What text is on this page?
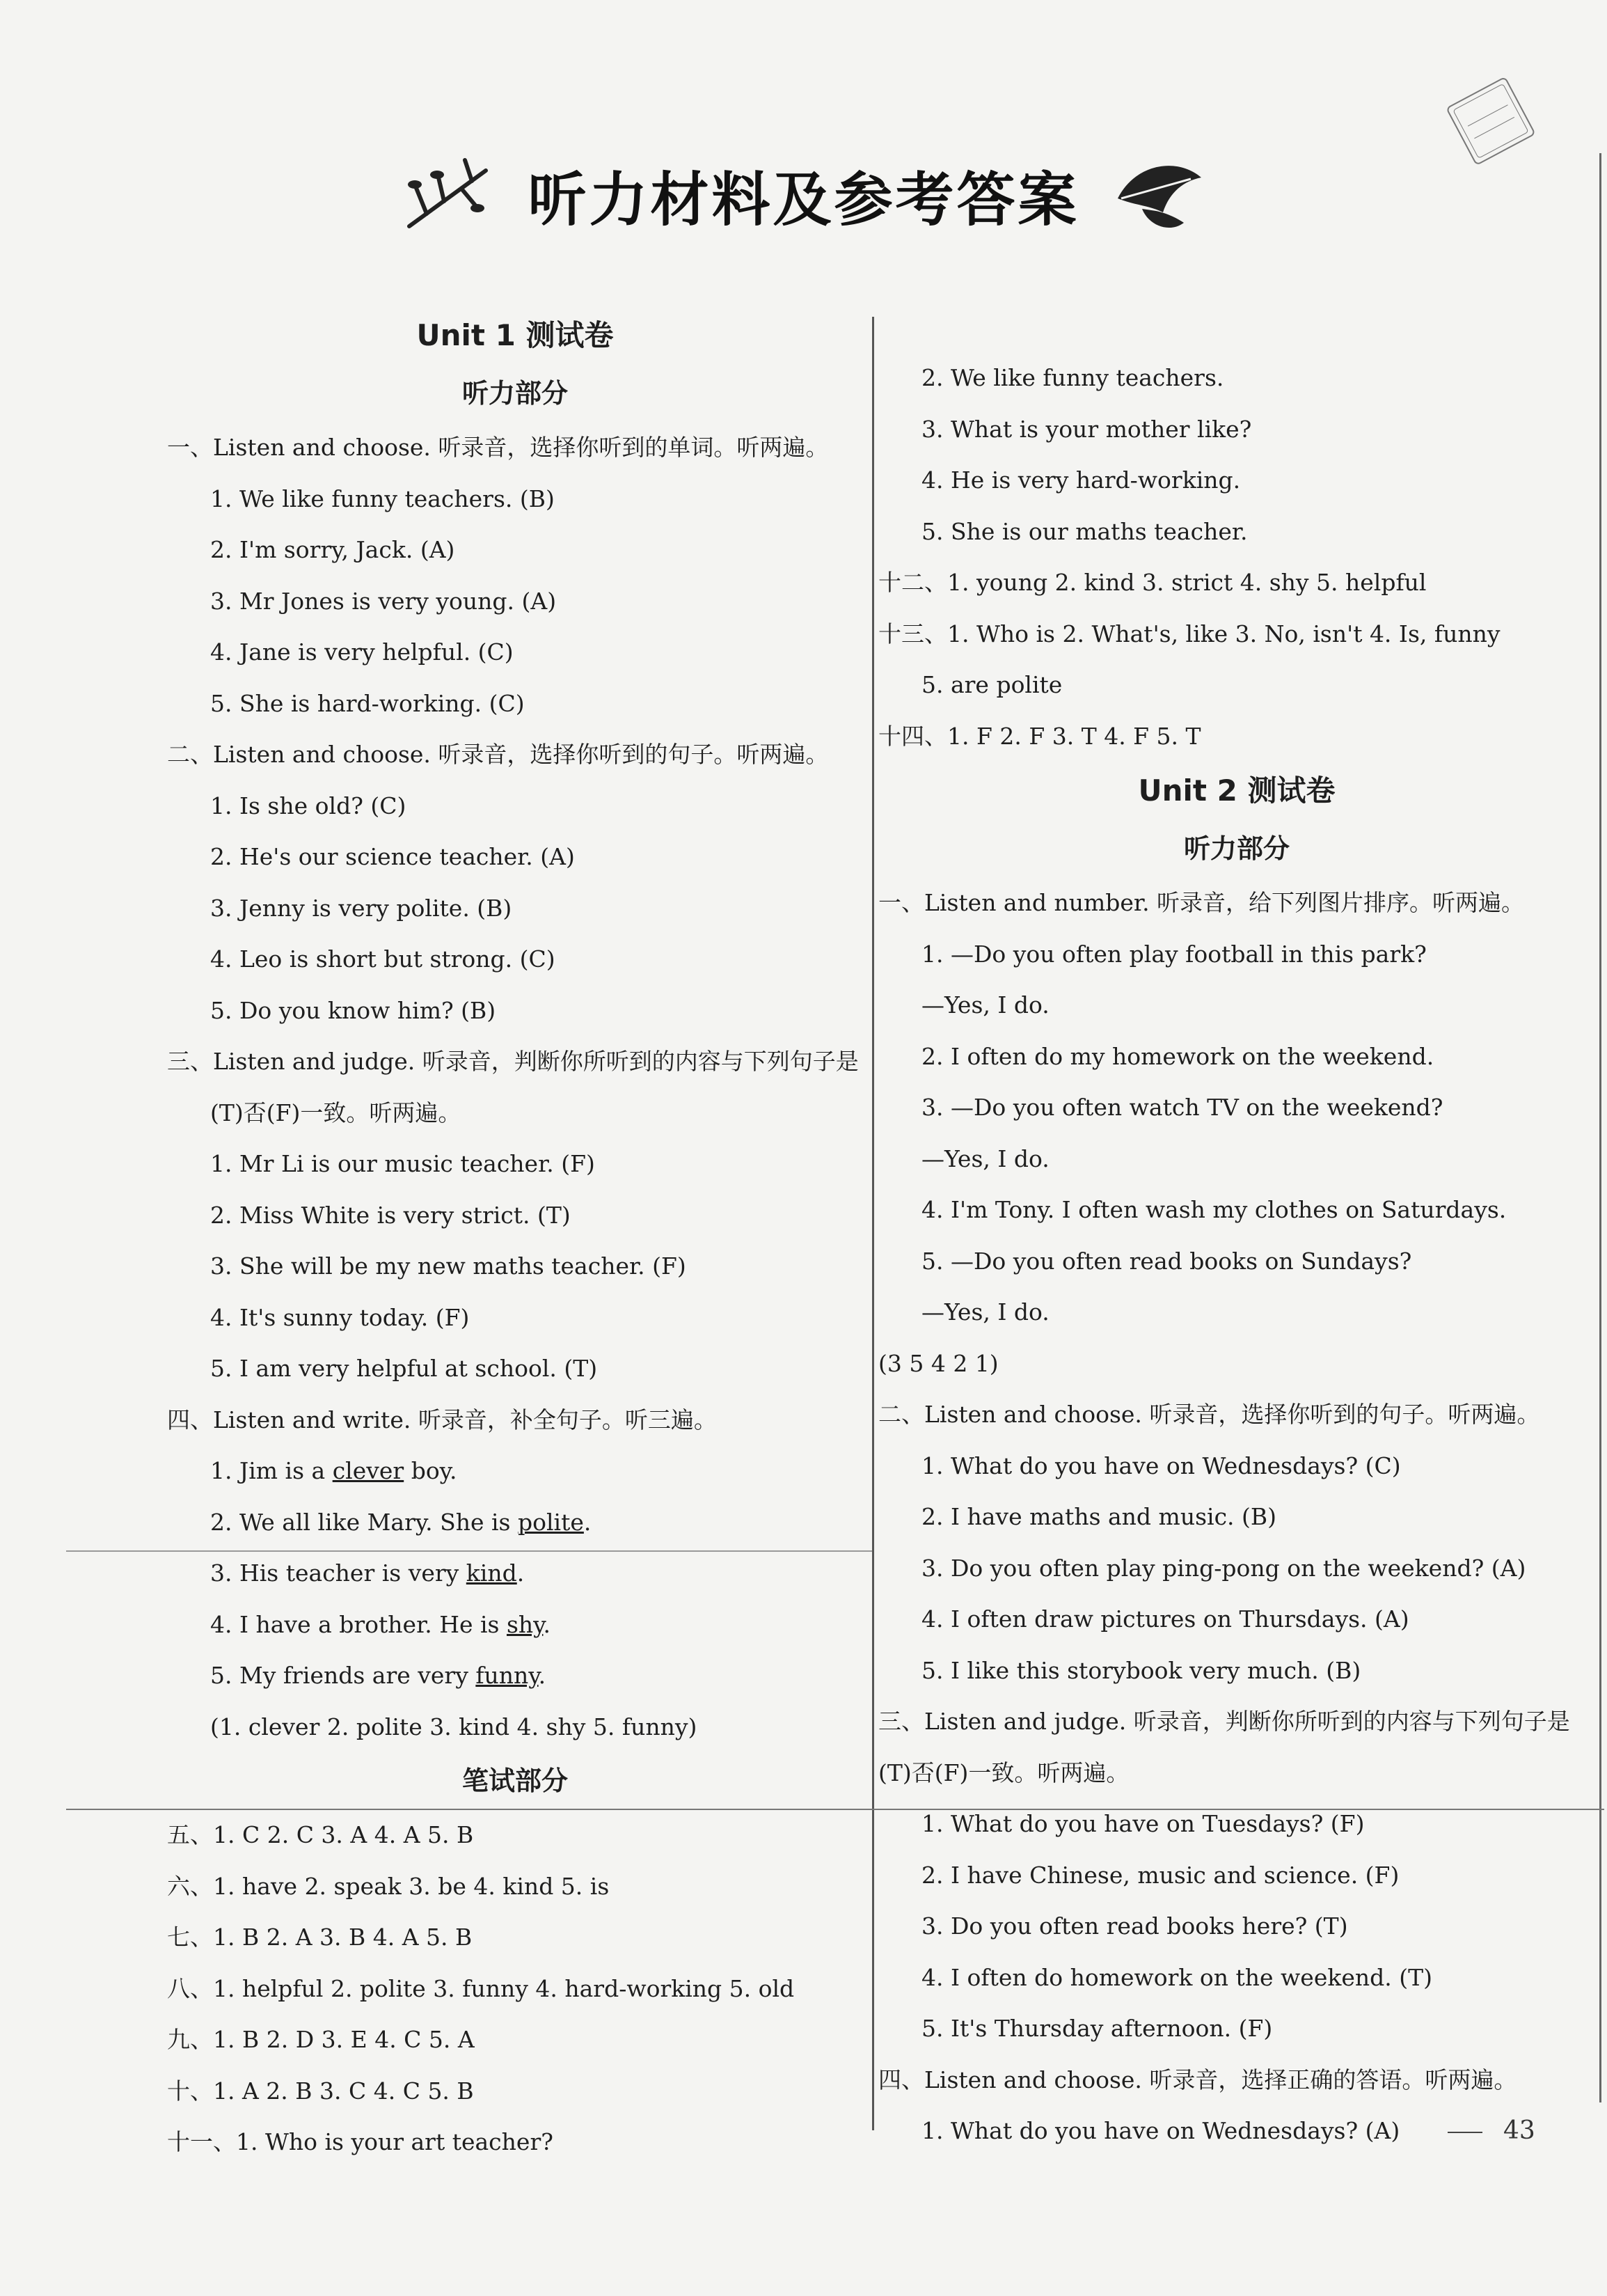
听力材料及参考答案
Unit 1 测试卷
听力部分
一、Listen and choose. 听录音，选择你听到的单词。听两遍。
1. We like funny teachers. (B)
2. I'm sorry, Jack. (A)
3. Mr Jones is very young. (A)
4. Jane is very helpful. (C)
5. She is hard-working. (C)
二、Listen and choose. 听录音，选择你听到的句子。听两遍。
1. Is she old? (C)
2. He's our science teacher. (A)
3. Jenny is very polite. (B)
4. Leo is short but strong. (C)
5. Do you know him? (B)
三、Listen and judge. 听录音，判断你所听到的内容与下列句子是
(T)否(F)一致。听两遍。
1. Mr Li is our music teacher. (F)
2. Miss White is very strict. (T)
3. She will be my new maths teacher. (F)
4. It's sunny today. (F)
5. I am very helpful at school. (T)
四、Listen and write. 听录音，补全句子。听三遍。
1. Jim is a clever boy.
2. We all like Mary. She is polite.
3. His teacher is very kind.
4. I have a brother. He is shy.
5. My friends are very funny.
(1. clever 2. polite 3. kind 4. shy 5. funny)
笔试部分
五、1. C 2. C 3. A 4. A 5. B
六、1. have 2. speak 3. be 4. kind 5. is
七、1. B 2. A 3. B 4. A 5. B
八、1. helpful 2. polite 3. funny 4. hard-working 5. old
九、1. B 2. D 3. E 4. C 5. A
十、1. A 2. B 3. C 4. C 5. B
十一、1. Who is your art teacher?
2. We like funny teachers.
3. What is your mother like?
4. He is very hard-working.
5. She is our maths teacher.
十二、1. young 2. kind 3. strict 4. shy 5. helpful
十三、1. Who is 2. What's, like 3. No, isn't 4. Is, funny
5. are polite
十四、1. F 2. F 3. T 4. F 5. T
Unit 2 测试卷
听力部分
一、Listen and number. 听录音，给下列图片排序。听两遍。
1. —Do you often play football in this park?
—Yes, I do.
2. I often do my homework on the weekend.
3. —Do you often watch TV on the weekend?
—Yes, I do.
4. I'm Tony. I often wash my clothes on Saturdays.
5. —Do you often read books on Sundays?
—Yes, I do.
(3 5 4 2 1)
二、Listen and choose. 听录音，选择你听到的句子。听两遍。
1. What do you have on Wednesdays? (C)
2. I have maths and music. (B)
3. Do you often play ping-pong on the weekend? (A)
4. I often draw pictures on Thursdays. (A)
5. I like this storybook very much. (B)
三、Listen and judge. 听录音，判断你所听到的内容与下列句子是
(T)否(F)一致。听两遍。
1. What do you have on Tuesdays? (F)
2. I have Chinese, music and science. (F)
3. Do you often read books here? (T)
4. I often do homework on the weekend. (T)
5. It's Thursday afternoon. (F)
四、Listen and choose. 听录音，选择正确的答语。听两遍。
1. What do you have on Wednesdays? (A)	43
